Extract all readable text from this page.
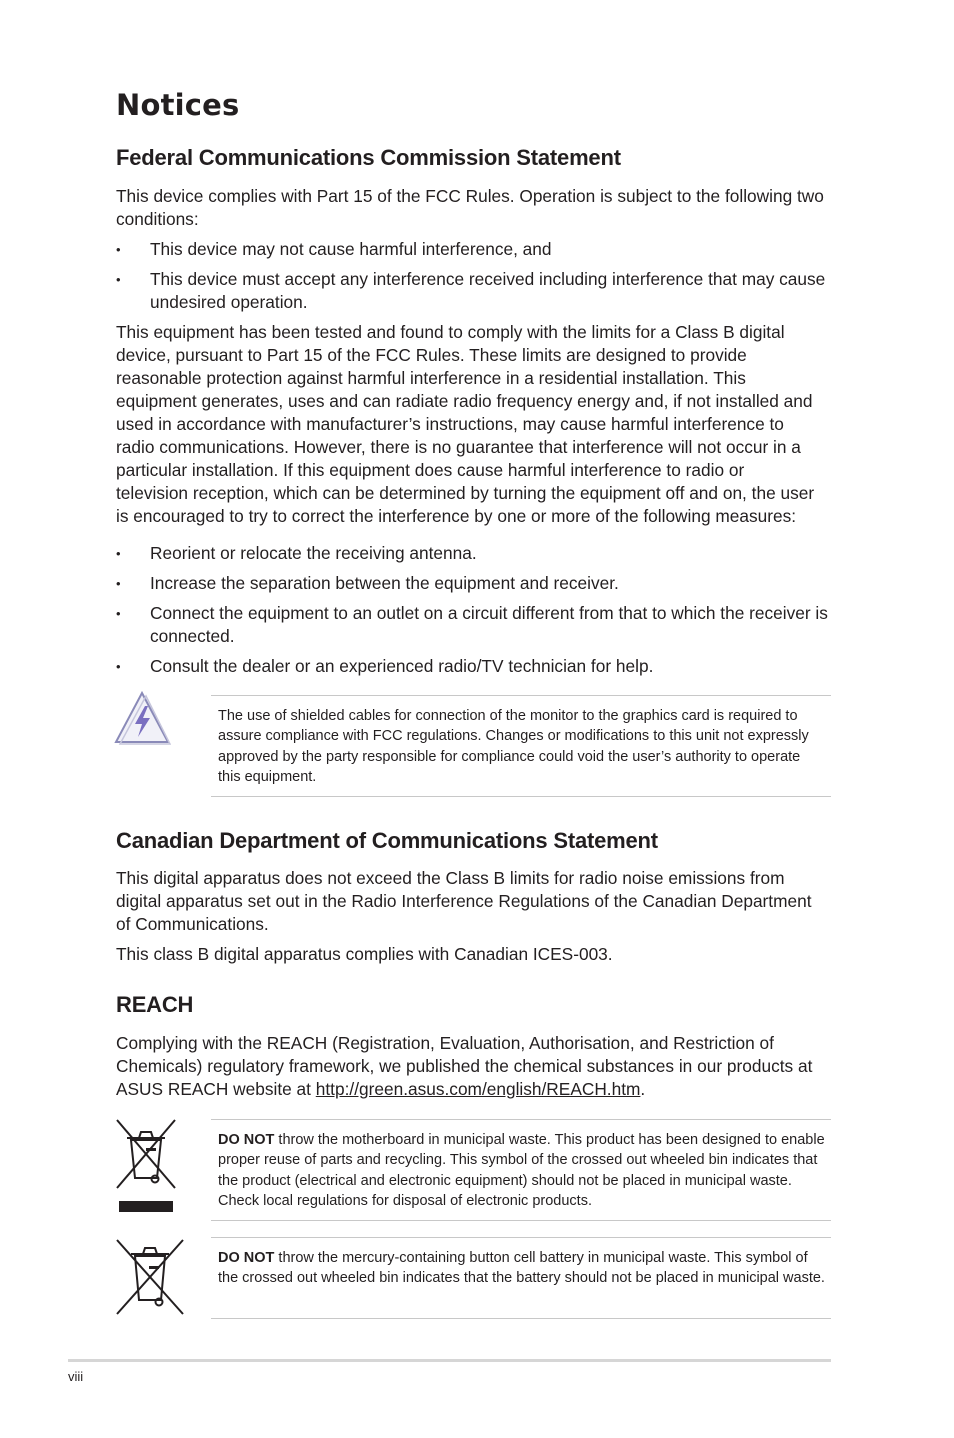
Notices
Federal Communications Commission Statement

This device complies with Part 15 of the FCC Rules. Operation is subject to the following two conditions:

•	This device may not cause harmful interference, and
•	This device must accept any interference received including interference that may cause undesired operation.

This equipment has been tested and found to comply with the limits for a Class B digital device, pursuant to Part 15 of the FCC Rules. These limits are designed to provide reasonable protection against harmful interference in a residential installation. This equipment generates, uses and can radiate radio frequency energy and, if not installed and used in accordance with manufacturer’s instructions, may cause harmful interference to radio communications. However, there is no guarantee that interference will not occur in a particular installation. If this equipment does cause harmful interference to radio or television reception, which can be determined by turning the equipment off and on, the user is encouraged to try to correct the interference by one or more of the following measures:

•	Reorient or relocate the receiving antenna.
•	Increase the separation between the equipment and receiver.
•	Connect the equipment to an outlet on a circuit different from that to which the receiver is connected.
•	Consult the dealer or an experienced radio/TV technician for help.
The use of shielded cables for connection of the monitor to the graphics card is required to assure compliance with FCC regulations. Changes or modifications to this unit not expressly approved by the party responsible for compliance could void the user’s authority to operate this equipment.
Canadian Department of Communications Statement

This digital apparatus does not exceed the Class B limits for radio noise emissions from digital apparatus set out in the Radio Interference Regulations of the Canadian Department of Communications.

This class B digital apparatus complies with Canadian ICES-003.

REACH

Complying with the REACH (Registration, Evaluation, Authorisation, and Restriction of Chemicals) regulatory framework, we published the chemical substances in our products at ASUS REACH website at http://green.asus.com/english/REACH.htm.

DO NOT throw the motherboard in municipal waste. This product has been designed to enable proper reuse of parts and recycling. This symbol of the crossed out wheeled bin indicates that the product (electrical and electronic equipment) should not be placed in municipal waste. Check local regulations for disposal of electronic products.
DO NOT throw the mercury-containing button cell battery in municipal waste. This symbol of the crossed out wheeled bin indicates that the battery should not be placed in municipal waste.
viii
